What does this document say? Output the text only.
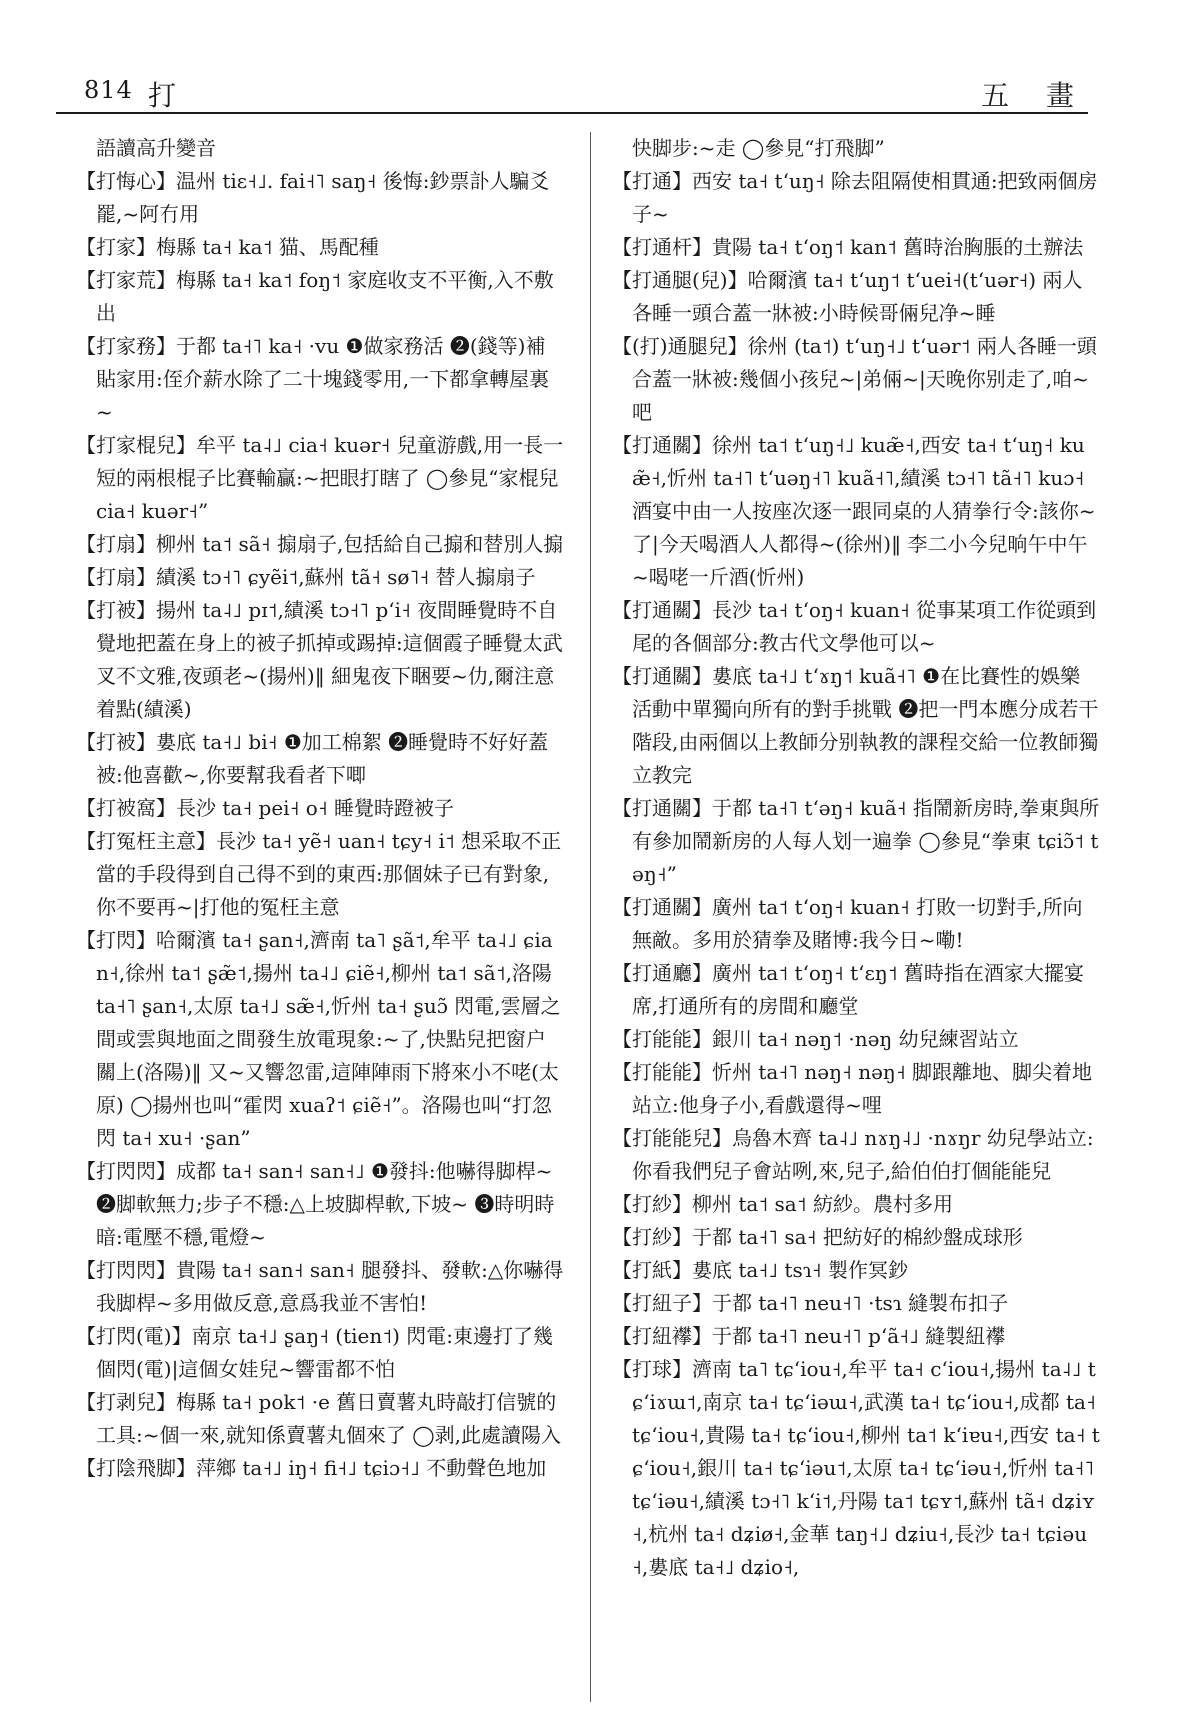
814 打	五 畫

語讀高升變音

【打悔心】温州 tiɛ˧˩. fai˧˥ saŋ˧ 後悔:鈔票訃人騙爻罷,~阿冇用

【打家】梅縣 ta˧ ka˦ 猫、馬配種

【打家荒】梅縣 ta˧ ka˦ foŋ˦ 家庭收支不平衡,入不敷出

【打家務】于都 ta˧˥ ka˧ ·vu ❶做家務活 ❷(錢等)補貼家用:侄介薪水除了二十塊錢零用,一下都拿轉屋裏~

【打家棍兒】牟平 ta˨˩ cia˧ kuər˧ 兒童游戲,用一長一短的兩根棍子比賽輸贏:~把眼打瞎了 ◯參見“家棍兒 cia˧ kuər˧”

【打扇】柳州 ta˦ sã˧ 搧扇子,包括給自己搧和替別人搧

【打扇】績溪 tɔ˧˥ ɕyẽi˦,蘇州 tã˧ sø˥˧ 替人搧扇子

【打被】揚州 ta˨˩ pɪ˦,績溪 tɔ˧˥ pʻi˧ 夜間睡覺時不自覺地把蓋在身上的被子抓掉或踢掉:這個霞子睡覺太武叉不文雅,夜頭老~(揚州)‖ 細鬼夜下睏要~仂,爾注意着點(績溪)

【打被】婁底 ta˧˩ bi˧ ❶加工棉絮 ❷睡覺時不好好蓋被:他喜歡~,你要幫我看者下唧

【打被窩】長沙 ta˧ pei˧ o˧ 睡覺時蹬被子

【打冤枉主意】長沙 ta˧ yẽ˧ uan˧ tɕy˧ i˦ 想采取不正當的手段得到自己得不到的東西:那個妹子已有對象,你不要再~|打他的冤枉主意

【打閃】哈爾濱 ta˧ ʂan˧,濟南 ta˥ ʂã˦,牟平 ta˨˩ ɕian˧,徐州 ta˦ ʂæ̃˦,揚州 ta˨˩ ɕiẽ˧,柳州 ta˦ sã˦,洛陽 ta˧˥ ʂan˧,太原 ta˧˩ sæ̃˧,忻州 ta˧ ʂuɔ̃ 閃電,雲層之間或雲與地面之間發生放電現象:~了,快點兒把窗户關上(洛陽)‖ 又~又響忽雷,這陣陣雨下將來小不咾(太原) ◯揚州也叫“霍閃 xuaʔ˦ ɕiẽ˧”。洛陽也叫“打忽閃 ta˧ xu˧ ·ʂan”

【打閃閃】成都 ta˧ san˧ san˧˩ ❶發抖:他嚇得脚桿~ ❷脚軟無力;步子不穩:△上坡脚桿軟,下坡~ ❸時明時暗:電壓不穩,電燈~

【打閃閃】貴陽 ta˧ san˧ san˧ 腿發抖、發軟:△你嚇得我脚桿~多用做反意,意爲我並不害怕!

【打閃(電)】南京 ta˧˩ ʂaŋ˧ (tien˦) 閃電:東邊打了幾個閃(電)|這個女娃兒~響雷都不怕

【打剥兒】梅縣 ta˧ pok˦ ·e 舊日賣薯丸時敲打信號的工具:~個一來,就知係賣薯丸個來了 ◯剥,此處讀陽入

【打陰飛脚】萍鄉 ta˧˩ iŋ˧ fi˧˩ tɕiɔ˧˩ 不動聲色地加

快脚步:~走 ◯參見“打飛脚”

【打通】西安 ta˧ tʻuŋ˧ 除去阻隔使相貫通:把致兩個房子~

【打通杆】貴陽 ta˧ tʻoŋ˦ kan˦ 舊時治胸脹的土辦法

【打通腿(兒)】哈爾濱 ta˧ tʻuŋ˦ tʻuei˧(tʻuər˧) 兩人各睡一頭合蓋一牀被:小時候哥倆兒净~睡

【(打)通腿兒】徐州 (ta˦) tʻuŋ˧˩ tʻuər˦ 兩人各睡一頭合蓋一牀被:幾個小孩兒~|弟倆~|天晚你别走了,咱~吧

【打通關】徐州 ta˦ tʻuŋ˧˩ kuæ̃˧,西安 ta˧ tʻuŋ˧ kuæ̃˧,忻州 ta˧˥ tʻuəŋ˧˥ kuã˧˥,績溪 tɔ˧˥ tã˧˥ kuɔ˧ 酒宴中由一人按座次逐一跟同桌的人猜拳行令:該你~了|今天喝酒人人都得~(徐州)‖ 李二小今兒晌午中午~喝咾一斤酒(忻州)

【打通關】長沙 ta˧ tʻoŋ˧ kuan˧ 從事某項工作從頭到尾的各個部分:教古代文學他可以~

【打通關】婁底 ta˧˩ tʻɤŋ˦ kuã˧˥ ❶在比賽性的娛樂活動中單獨向所有的對手挑戰 ❷把一門本應分成若干階段,由兩個以上教師分别執教的課程交給一位教師獨立教完

【打通關】于都 ta˧˥ tʻəŋ˧ kuã˧ 指鬧新房時,拳東與所有參加鬧新房的人每人划一遍拳 ◯參見“拳東 tɕiɔ̃˦ təŋ˧”

【打通關】廣州 ta˦ tʻoŋ˧ kuan˧ 打敗一切對手,所向無敵。多用於猜拳及賭博:我今日~嘞!

【打通廳】廣州 ta˦ tʻoŋ˧ tʻɛŋ˦ 舊時指在酒家大擺宴席,打通所有的房間和廳堂

【打能能】銀川 ta˧ nəŋ˦ ·nəŋ 幼兒練習站立

【打能能】忻州 ta˧˥ nəŋ˧ nəŋ˧ 脚跟離地、脚尖着地站立:他身子小,看戲還得~哩

【打能能兒】烏魯木齊 ta˨˩ nɤŋ˨˩ ·nɤŋr 幼兒學站立:你看我們兒子會站咧,來,兒子,給伯伯打個能能兒

【打紗】柳州 ta˦ sa˦ 紡紗。農村多用

【打紗】于都 ta˧˥ sa˧ 把紡好的棉紗盤成球形

【打紙】婁底 ta˧˩ tsɿ˧ 製作冥鈔

【打紐子】于都 ta˧˥ neu˧˥ ·tsɿ 縫製布扣子

【打紐襻】于都 ta˧˥ neu˧˥ pʻã˧˩ 縫製紐襻

【打球】濟南 ta˥ tɕʻiou˧,牟平 ta˧ cʻiou˧,揚州 ta˨˩ tɕʻiɤɯ˦,南京 ta˧ tɕʻiəɯ˧,武漢 ta˧ tɕʻiou˧,成都 ta˧ tɕʻiou˧,貴陽 ta˧ tɕʻiou˧,柳州 ta˦ kʻiɐu˧,西安 ta˧ tɕʻiou˧,銀川 ta˧ tɕʻiəu˦,太原 ta˧ tɕʻiəu˧,忻州 ta˧˥ tɕʻiəu˧,績溪 tɔ˧˥ kʻi˦,丹陽 ta˦ tɕʏ˦,蘇州 tã˧ dʑiʏ˧,杭州 ta˧ dʑiø˧,金華 taŋ˧˩ dʑiu˧,長沙 ta˧ tɕiəu˧,婁底 ta˧˩ dʑio˧,
